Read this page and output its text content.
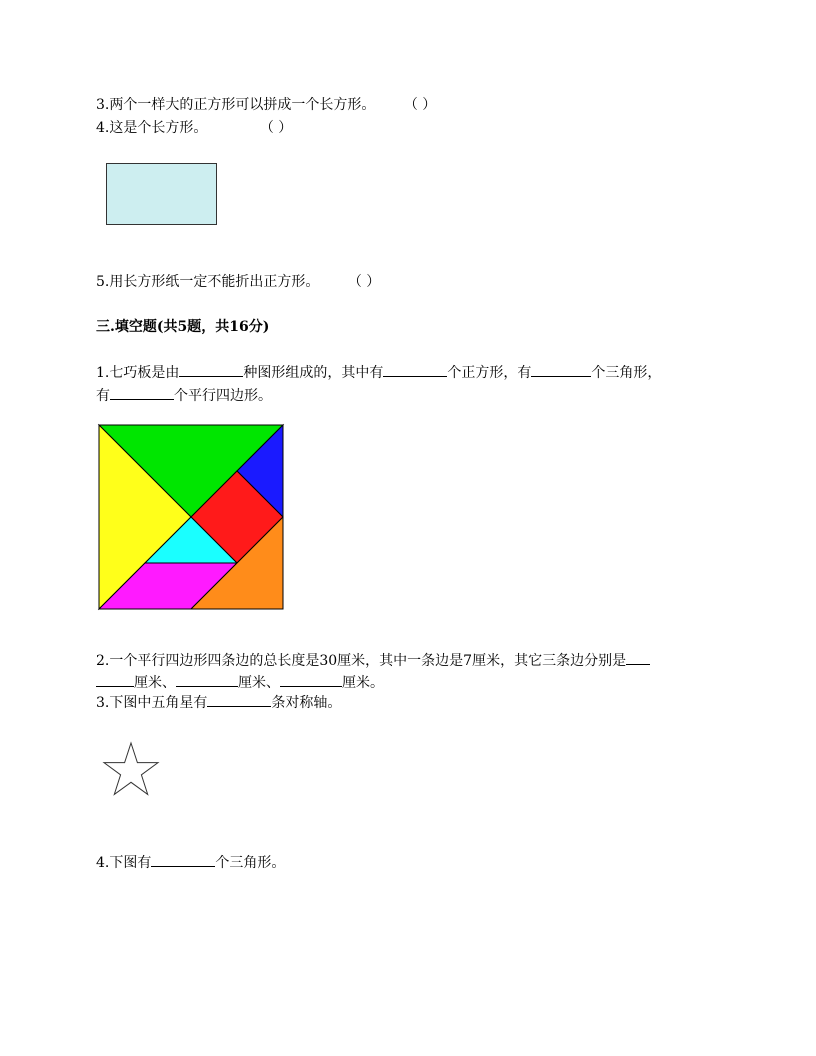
3.两个一样大的正方形可以拼成一个长方形。 （ ）
4.这是个长方形。	（ ）
5.用长方形纸一定不能折出正方形。 （ ）
三.填空题(共5题，共16分)
1.七巧板是由	种图形组成的，其中有	个正方形，有	个三角形，
有	个平行四边形。
2.一个平行四边形四条边的总长度是30厘米，其中一条边是7厘米，其它三条边分别是
厘米、	厘米、	厘米。
3.下图中五角星有	条对称轴。
4.下图有	个三角形。
